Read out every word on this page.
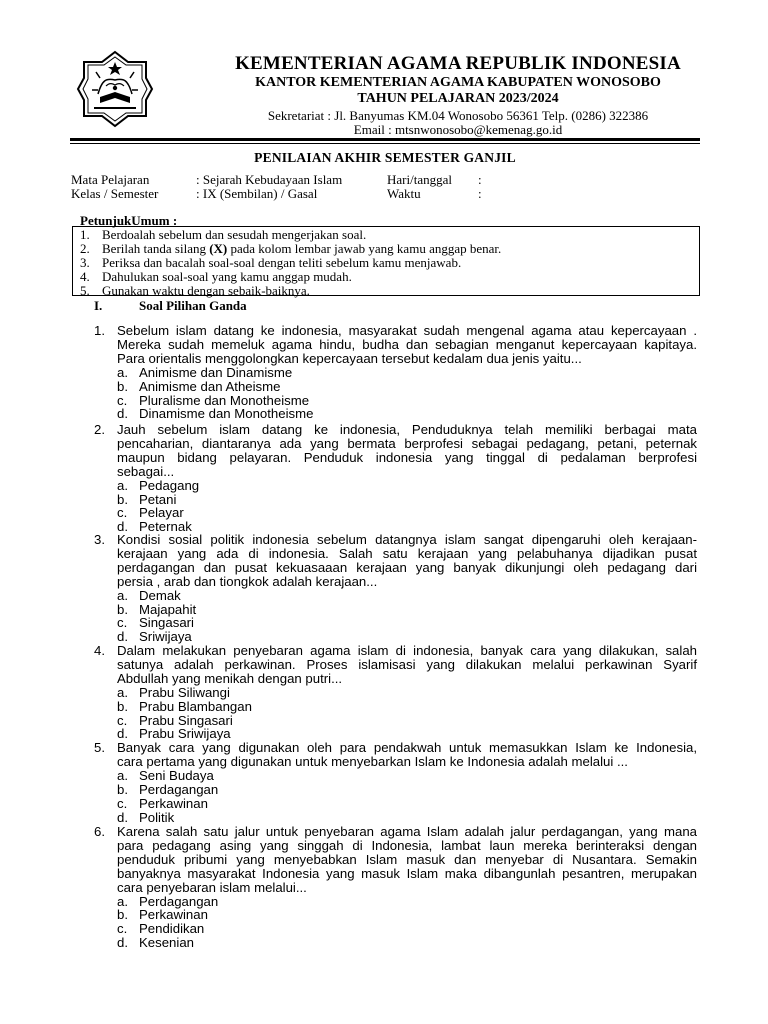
KEMENTERIAN AGAMA REPUBLIK INDONESIA
KANTOR KEMENTERIAN AGAMA KABUPATEN WONOSOBO
TAHUN PELAJARAN 2023/2024
Sekretariat : Jl. Banyumas KM.04 Wonosobo 56361 Telp. (0286) 322386
Email : mtsnwonosobo@kemenag.go.id
PENILAIAN AKHIR SEMESTER GANJIL
Mata Pelajaran	: Sejarah Kebudayaan Islam	Hari/tanggal :
Kelas / Semester	: IX (Sembilan) / Gasal	Waktu	:
PetunjukUmum :
1. Berdoalah sebelum dan sesudah mengerjakan soal.
2. Berilah tanda silang (X) pada kolom lembar jawab yang kamu anggap benar.
3. Periksa dan bacalah soal-soal dengan teliti sebelum kamu menjawab.
4. Dahulukan soal-soal yang kamu anggap mudah.
5. Gunakan waktu dengan sebaik-baiknya.
I.	Soal Pilihan Ganda
1. Sebelum islam datang ke indonesia, masyarakat sudah mengenal agama atau kepercayaan .
Mereka sudah memeluk agama hindu, budha dan sebagian menganut kepercayaan kapitaya.
Para orientalis menggolongkan kepercayaan tersebut kedalam dua jenis yaitu...
a. Animisme dan Dinamisme
b. Animisme dan Atheisme
c. Pluralisme dan Monotheisme
d. Dinamisme dan Monotheisme
2. Jauh sebelum islam datang ke indonesia, Penduduknya telah memiliki berbagai mata
pencaharian, diantaranya ada yang bermata berprofesi sebagai pedagang, petani, peternak
maupun bidang pelayaran. Penduduk indonesia yang tinggal di pedalaman berprofesi
sebagai...
a. Pedagang
b. Petani
c. Pelayar
d. Peternak
3. Kondisi sosial politik indonesia sebelum datangnya islam sangat dipengaruhi oleh kerajaan-
kerajaan yang ada di indonesia. Salah satu kerajaan yang pelabuhanya dijadikan pusat
perdagangan dan pusat kekuasaaan kerajaan yang banyak dikunjungi oleh pedagang dari
persia , arab dan tiongkok adalah kerajaan...
a. Demak
b. Majapahit
c. Singasari
d. Sriwijaya
4. Dalam melakukan penyebaran agama islam di indonesia, banyak cara yang dilakukan, salah
satunya adalah perkawinan. Proses islamisasi yang dilakukan melalui perkawinan Syarif
Abdullah yang menikah dengan putri...
a. Prabu Siliwangi
b. Prabu Blambangan
c. Prabu Singasari
d. Prabu Sriwijaya
5. Banyak cara yang digunakan oleh para pendakwah untuk memasukkan Islam ke Indonesia,
cara pertama yang digunakan untuk menyebarkan Islam ke Indonesia adalah melalui ...
a. Seni Budaya
b. Perdagangan
c. Perkawinan
d. Politik
6. Karena salah satu jalur untuk penyebaran agama Islam adalah jalur perdagangan, yang mana
para pedagang asing yang singgah di Indonesia, lambat laun mereka berinteraksi dengan
penduduk pribumi yang menyebabkan Islam masuk dan menyebar di Nusantara. Semakin
banyaknya masyarakat Indonesia yang masuk Islam maka dibangunlah pesantren, merupakan
cara penyebaran islam melalui...
a. Perdagangan
b. Perkawinan
c. Pendidikan
d. Kesenian
